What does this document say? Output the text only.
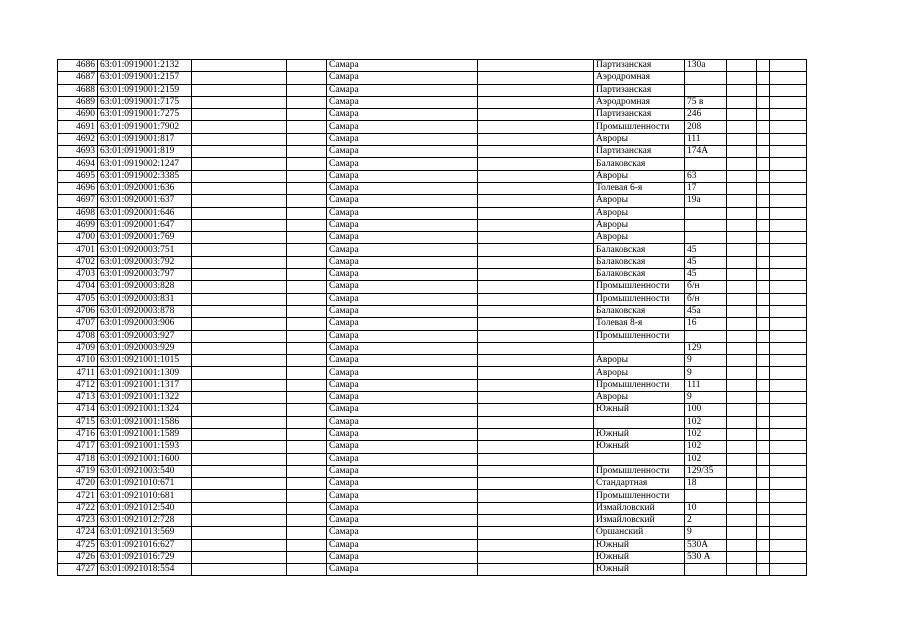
4686	63:01:0919001:2132			Самара		Партизанская	130а			
4687	63:01:0919001:2157			Самара		Аэродромная				
4688	63:01:0919001:2159			Самара		Партизанская				
4689	63:01:0919001:7175			Самара		Аэродромная	75 в			
4690	63:01:0919001:7275			Самара		Партизанская	246			
4691	63:01:0919001:7902			Самара		Промышленности	208			
4692	63:01:0919001:817			Самара		Авроры	111			
4693	63:01:0919001:819			Самара		Партизанская	174А			
4694	63:01:0919002:1247			Самара		Балаковская				
4695	63:01:0919002:3385			Самара		Авроры	63			
4696	63:01:0920001:636			Самара		Толевая 6-я	17			
4697	63:01:0920001:637			Самара		Авроры	19а			
4698	63:01:0920001:646			Самара		Авроры				
4699	63:01:0920001:647			Самара		Авроры				
4700	63:01:0920001:769			Самара		Авроры				
4701	63:01:0920003:751			Самара		Балаковская	45			
4702	63:01:0920003:792			Самара		Балаковская	45			
4703	63:01:0920003:797			Самара		Балаковская	45			
4704	63:01:0920003:828			Самара		Промышленности	б/н			
4705	63:01:0920003:831			Самара		Промышленности	б/н			
4706	63:01:0920003:878			Самара		Балаковская	45а			
4707	63:01:0920003:906			Самара		Толевая 8-я	16			
4708	63:01:0920003:927			Самара		Промышленности				
4709	63:01:0920003:929			Самара			129			
4710	63:01:0921001:1015			Самара		Авроры	9			
4711	63:01:0921001:1309			Самара		Авроры	9			
4712	63:01:0921001:1317			Самара		Промышленности	111			
4713	63:01:0921001:1322			Самара		Авроры	9			
4714	63:01:0921001:1324			Самара		Южный	100			
4715	63:01:0921001:1586			Самара			102			
4716	63:01:0921001:1589			Самара		Южный	102			
4717	63:01:0921001:1593			Самара		Южный	102			
4718	63:01:0921001:1600			Самара			102			
4719	63:01:0921003:540			Самара		Промышленности	129/35			
4720	63:01:0921010:671			Самара		Стандартная	18			
4721	63:01:0921010:681			Самара		Промышленности				
4722	63:01:0921012:540			Самара		Измайловский	10			
4723	63:01:0921012:728			Самара		Измайловский	2			
4724	63:01:0921013:569			Самара		Оршанский	9			
4725	63:01:0921016:627			Самара		Южный	530А			
4726	63:01:0921016:729			Самара		Южный	530 А			
4727	63:01:0921018:554			Самара		Южный				
